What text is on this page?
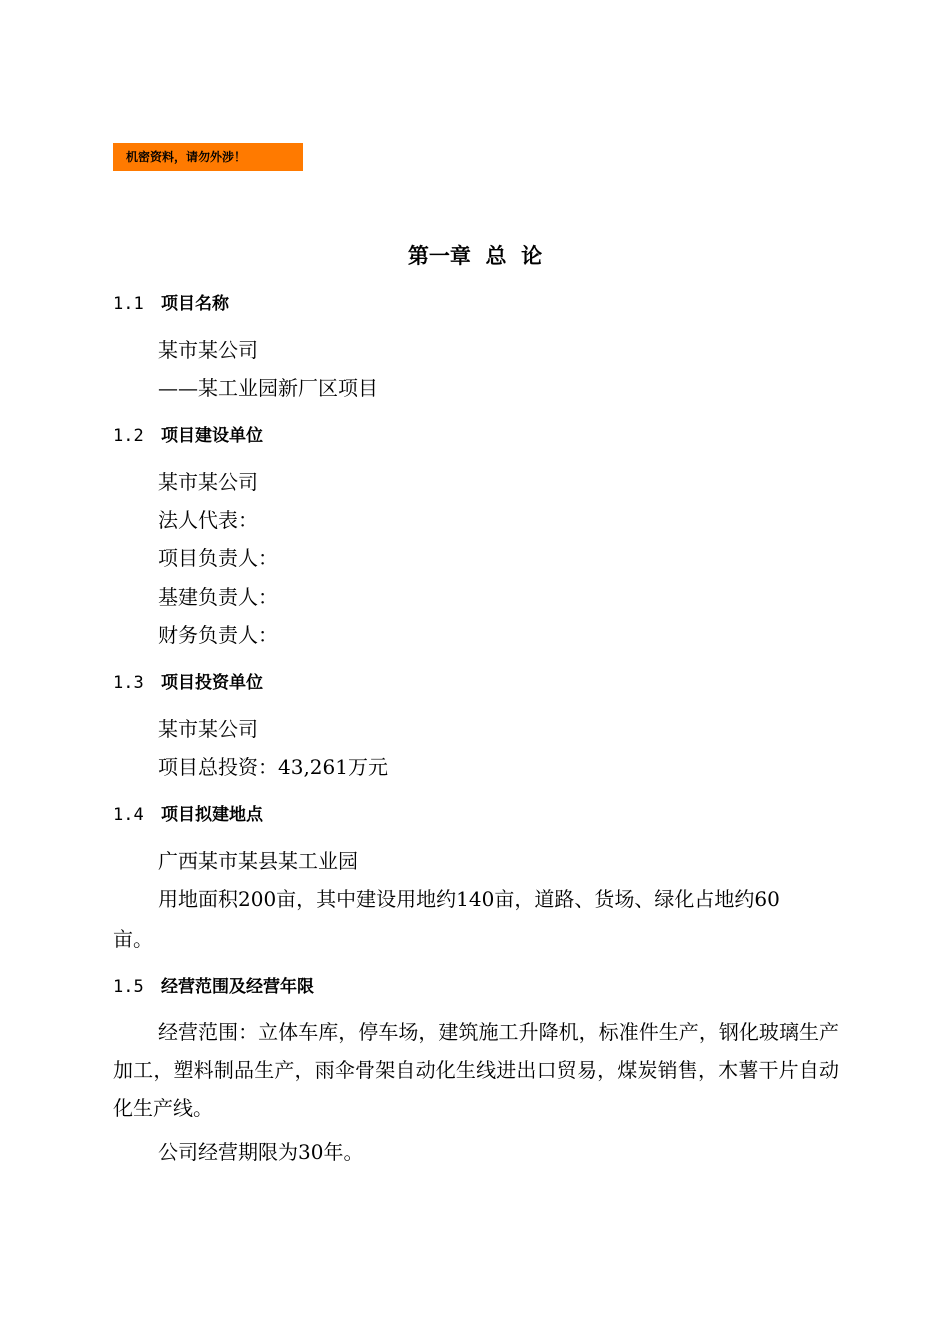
机密资料，请勿外涉！
第一章  总  论
1.1 项目名称
某市某公司
——某工业园新厂区项目
1.2 项目建设单位
某市某公司
法人代表：
项目负责人：
基建负责人：
财务负责人：
1.3 项目投资单位
某市某公司
项目总投资：43,261万元
1.4 项目拟建地点
广西某市某县某工业园
用地面积200亩，其中建设用地约140亩，道路、货场、绿化占地约60
亩。
1.5 经营范围及经营年限
经营范围：立体车库，停车场，建筑施工升降机，标准件生产，钢化玻璃生产加工，塑料制品生产，雨伞骨架自动化生线进出口贸易，煤炭销售，木薯干片自动化生产线。
公司经营期限为30年。
